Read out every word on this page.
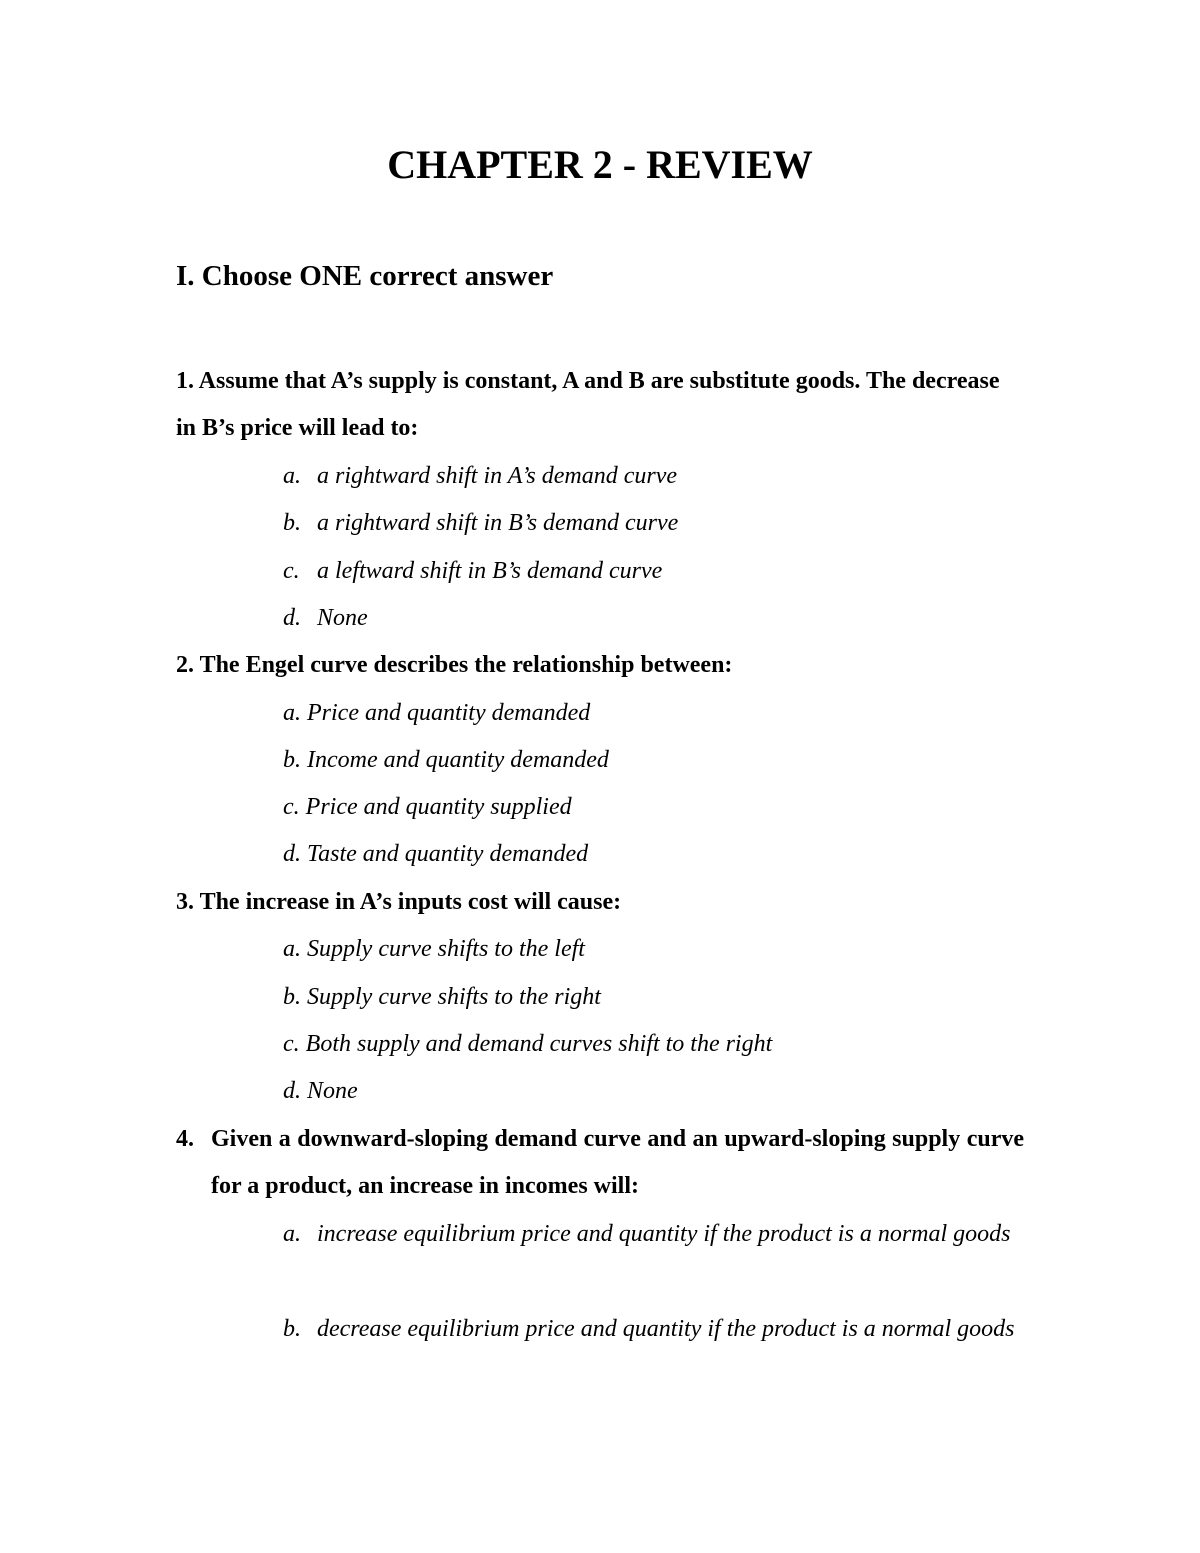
CHAPTER 2 - REVIEW
I. Choose ONE correct answer
1. Assume that A’s supply is constant, A and B are substitute goods. The decrease in B’s price will lead to:
a. a rightward shift in A’s demand curve
b. a rightward shift in B’s demand curve
c. a leftward shift in B’s demand curve
d. None
2. The Engel curve describes the relationship between:
a. Price and quantity demanded
b. Income and quantity demanded
c. Price and quantity supplied
d. Taste and quantity demanded
3. The increase in A’s inputs cost will cause:
a. Supply curve shifts to the left
b. Supply curve shifts to the right
c. Both supply and demand curves shift to the right
d. None
4. Given a downward-sloping demand curve and an upward-sloping supply curve for a product, an increase in incomes will:
a. increase equilibrium price and quantity if the product is a normal goods
b. decrease equilibrium price and quantity if the product is a normal goods
